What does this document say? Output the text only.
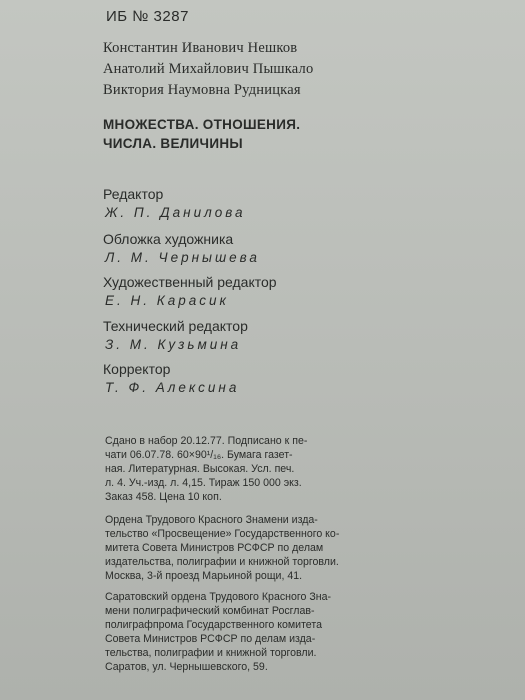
ИБ № 3287
Константин Иванович Нешков
Анатолий Михайлович Пышкало
Виктория Наумовна Рудницкая
МНОЖЕСТВА. ОТНОШЕНИЯ.
ЧИСЛА. ВЕЛИЧИНЫ
Редактор
Ж. П. Данилова
Обложка художника
Л. М. Чернышева
Художественный редактор
Е. Н. Карасик
Технический редактор
З. М. Кузьмина
Корректор
Т. Ф. Алексина
Сдано в набор 20.12.77. Подписано к пе-
чати 06.07.78. 60×90¹/₁₆. Бумага газет-
ная. Литературная. Высокая. Усл. печ.
л. 4. Уч.-изд. л. 4,15. Тираж 150 000 экз.
Заказ 458. Цена 10 коп.
Ордена Трудового Красного Знамени изда-
тельство «Просвещение» Государственного ко-
митета Совета Министров РСФСР по делам
издательства, полиграфии и книжной торговли.
Москва, 3-й проезд Марьиной рощи, 41.
Саратовский ордена Трудового Красного Зна-
мени полиграфический комбинат Росглав-
полиграфпрома Государственного комитета
Совета Министров РСФСР по делам изда-
тельства, полиграфии и книжной торговли.
Саратов, ул. Чернышевского, 59.
